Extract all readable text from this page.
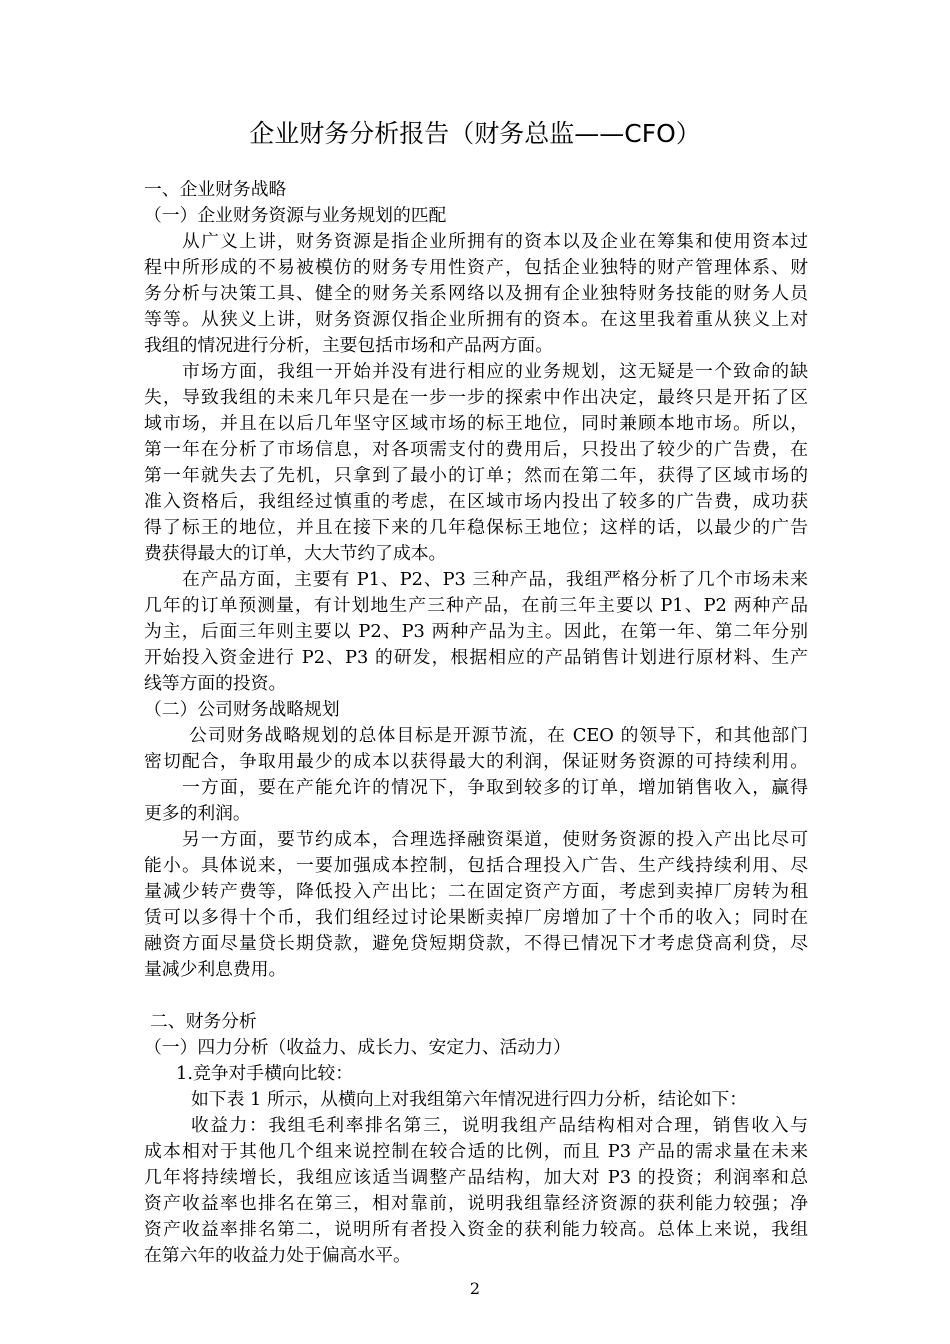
企业财务分析报告（财务总监——CFO）
一、企业财务战略
（一）企业财务资源与业务规划的匹配
从广义上讲，财务资源是指企业所拥有的资本以及企业在筹集和使用资本过
程中所形成的不易被模仿的财务专用性资产，包括企业独特的财产管理体系、财
务分析与决策工具、健全的财务关系网络以及拥有企业独特财务技能的财务人员
等等。从狭义上讲，财务资源仅指企业所拥有的资本。在这里我着重从狭义上对
我组的情况进行分析，主要包括市场和产品两方面。
市场方面，我组一开始并没有进行相应的业务规划，这无疑是一个致命的缺
失，导致我组的未来几年只是在一步一步的探索中作出决定，最终只是开拓了区
域市场，并且在以后几年坚守区域市场的标王地位，同时兼顾本地市场。所以，
第一年在分析了市场信息，对各项需支付的费用后，只投出了较少的广告费，在
第一年就失去了先机，只拿到了最小的订单；然而在第二年，获得了区域市场的
准入资格后，我组经过慎重的考虑，在区域市场内投出了较多的广告费，成功获
得了标王的地位，并且在接下来的几年稳保标王地位；这样的话，以最少的广告
费获得最大的订单，大大节约了成本。
在产品方面，主要有 P1、P2、P3 三种产品，我组严格分析了几个市场未来
几年的订单预测量，有计划地生产三种产品，在前三年主要以 P1、P2 两种产品
为主，后面三年则主要以 P2、P3 两种产品为主。因此，在第一年、第二年分别
开始投入资金进行 P2、P3 的研发，根据相应的产品销售计划进行原材料、生产
线等方面的投资。
（二）公司财务战略规划
公司财务战略规划的总体目标是开源节流，在 CEO 的领导下，和其他部门
密切配合，争取用最少的成本以获得最大的利润，保证财务资源的可持续利用。
一方面，要在产能允许的情况下，争取到较多的订单，增加销售收入，赢得
更多的利润。
另一方面，要节约成本，合理选择融资渠道，使财务资源的投入产出比尽可
能小。具体说来，一要加强成本控制，包括合理投入广告、生产线持续利用、尽
量减少转产费等，降低投入产出比；二在固定资产方面，考虑到卖掉厂房转为租
赁可以多得十个币，我们组经过讨论果断卖掉厂房增加了十个币的收入；同时在
融资方面尽量贷长期贷款，避免贷短期贷款，不得已情况下才考虑贷高利贷，尽
量减少利息费用。
二、财务分析
（一）四力分析（收益力、成长力、安定力、活动力）
1.竞争对手横向比较：
如下表 1 所示，从横向上对我组第六年情况进行四力分析，结论如下：
收益力：我组毛利率排名第三，说明我组产品结构相对合理，销售收入与
成本相对于其他几个组来说控制在较合适的比例，而且 P3 产品的需求量在未来
几年将持续增长，我组应该适当调整产品结构，加大对 P3 的投资；利润率和总
资产收益率也排名在第三，相对靠前，说明我组靠经济资源的获利能力较强；净
资产收益率排名第二，说明所有者投入资金的获利能力较高。总体上来说，我组
在第六年的收益力处于偏高水平。
2
